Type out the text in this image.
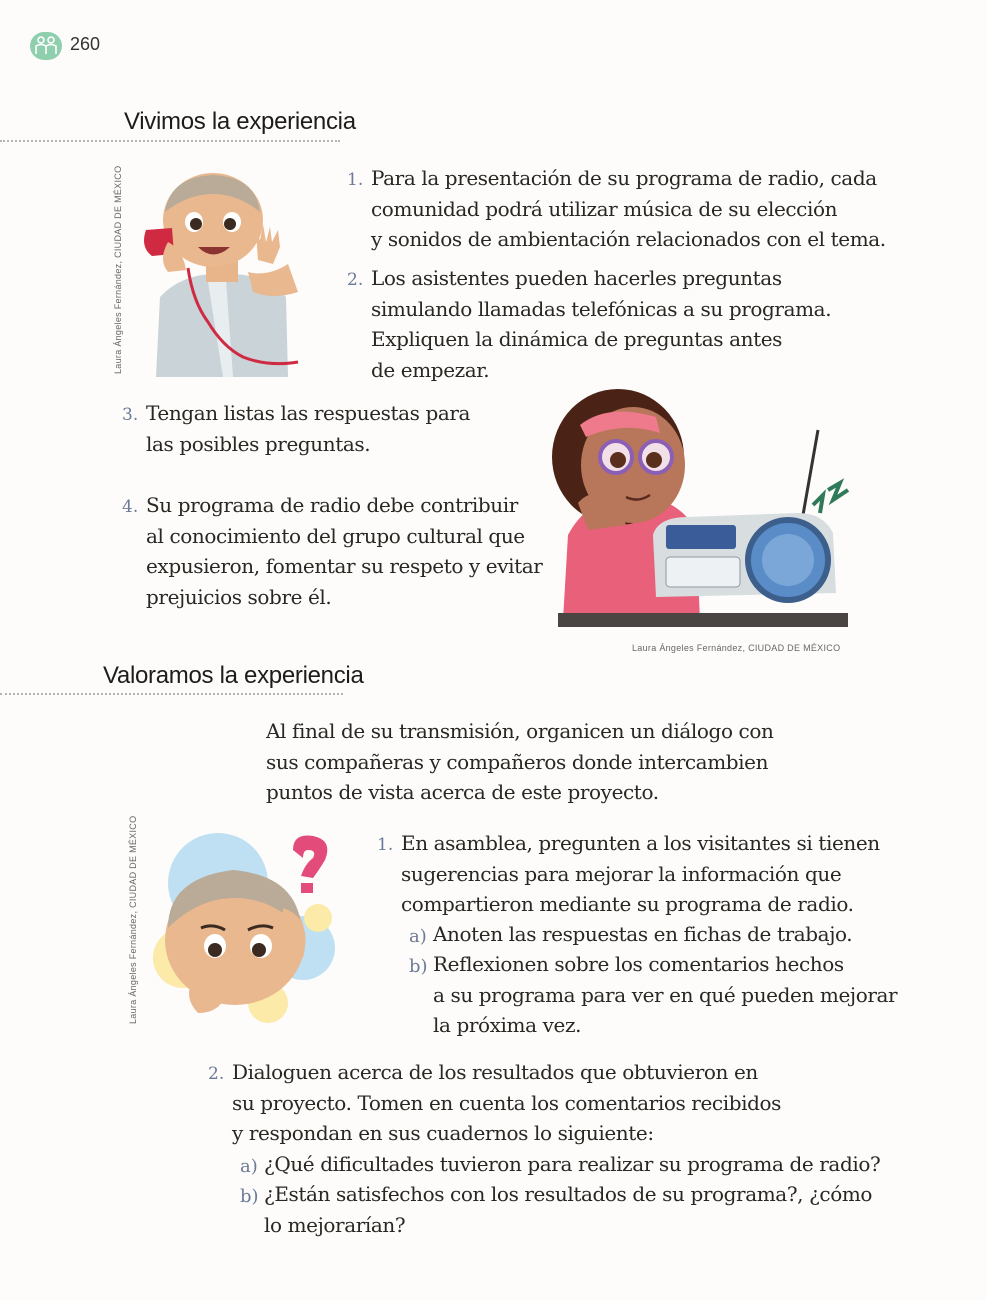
260
Vivimos la experiencia
Laura Ángeles Fernández, CIUDAD DE MÉXICO	1. Para la presentación de su programa de radio, cada
comunidad podrá utilizar música de su elección
y sonidos de ambientación relacionados con el tema.
2. Los asistentes pueden hacerles preguntas
simulando llamadas telefónicas a su programa.
Expliquen la dinámica de preguntas antes
de empezar.
3. Tengan listas las respuestas para
las posibles preguntas.
4. Su programa de radio debe contribuir
al conocimiento del grupo cultural que
expusieron, fomentar su respeto y evitar
prejuicios sobre él.
Laura Ángeles Fernández, CIUDAD DE MÉXICO
Valoramos la experiencia
Al final de su transmisión, organicen un diálogo con
sus compañeras y compañeros donde intercambien
puntos de vista acerca de este proyecto.
Laura Ángeles Fernández, CIUDAD DE MÉXICO	1. En asamblea, pregunten a los visitantes si tienen
sugerencias para mejorar la información que
compartieron mediante su programa de radio.
a) Anoten las respuestas en fichas de trabajo.
b) Reflexionen sobre los comentarios hechos
a su programa para ver en qué pueden mejorar
la próxima vez.
2. Dialoguen acerca de los resultados que obtuvieron en
su proyecto. Tomen en cuenta los comentarios recibidos
y respondan en sus cuadernos lo siguiente:
a) ¿Qué dificultades tuvieron para realizar su programa de radio?
b) ¿Están satisfechos con los resultados de su programa?, ¿cómo
lo mejorarían?
